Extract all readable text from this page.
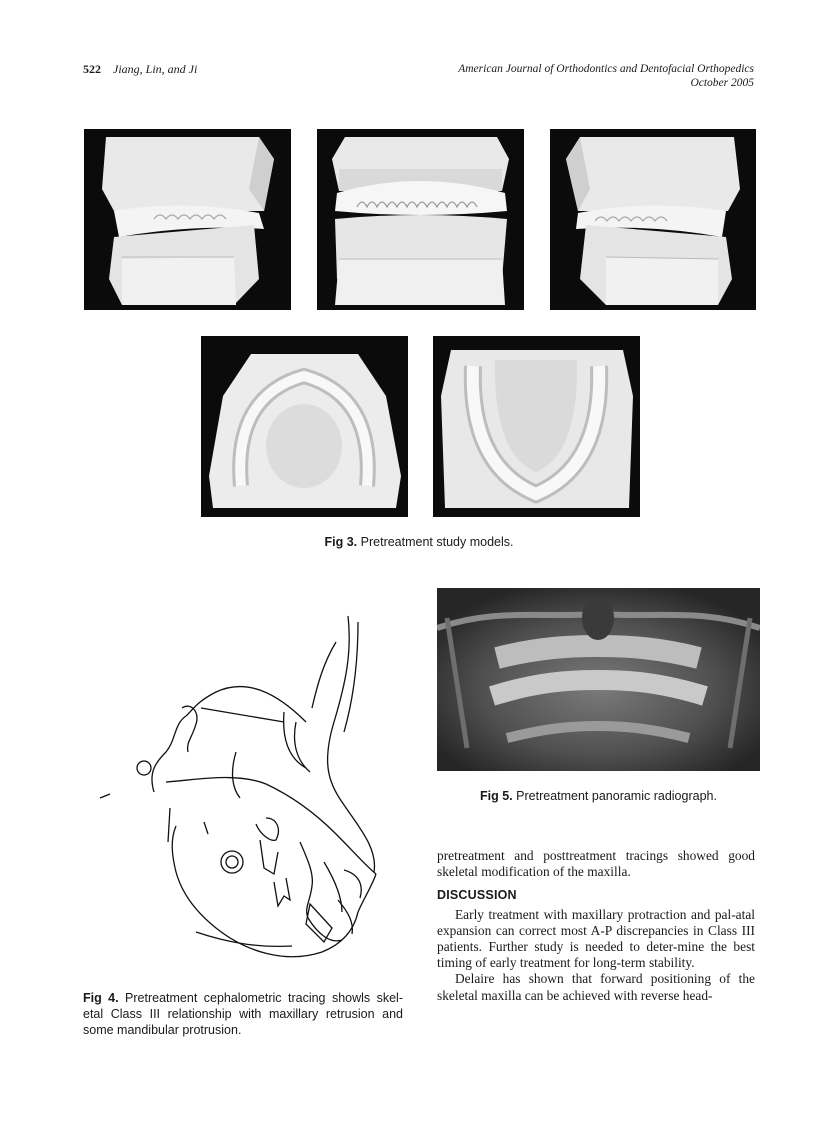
522 Jiang, Lin, and Ji	American Journal of Orthodontics and Dentofacial Orthopedics
October 2005
Fig 3. Pretreatment study models.
Fig 4. Pretreatment cephalometric tracing showls skel-etal Class III relationship with maxillary retrusion and some mandibular protrusion.
Fig 5. Pretreatment panoramic radiograph.

pretreatment and posttreatment tracings showed good skeletal modification of the maxilla.

DISCUSSION

Early treatment with maxillary protraction and pal-atal expansion can correct most A-P discrepancies in Class III patients. Further study is needed to deter-mine the best timing of early treatment for long-term stability.

Delaire has shown that forward positioning of the skeletal maxilla can be achieved with reverse head-
